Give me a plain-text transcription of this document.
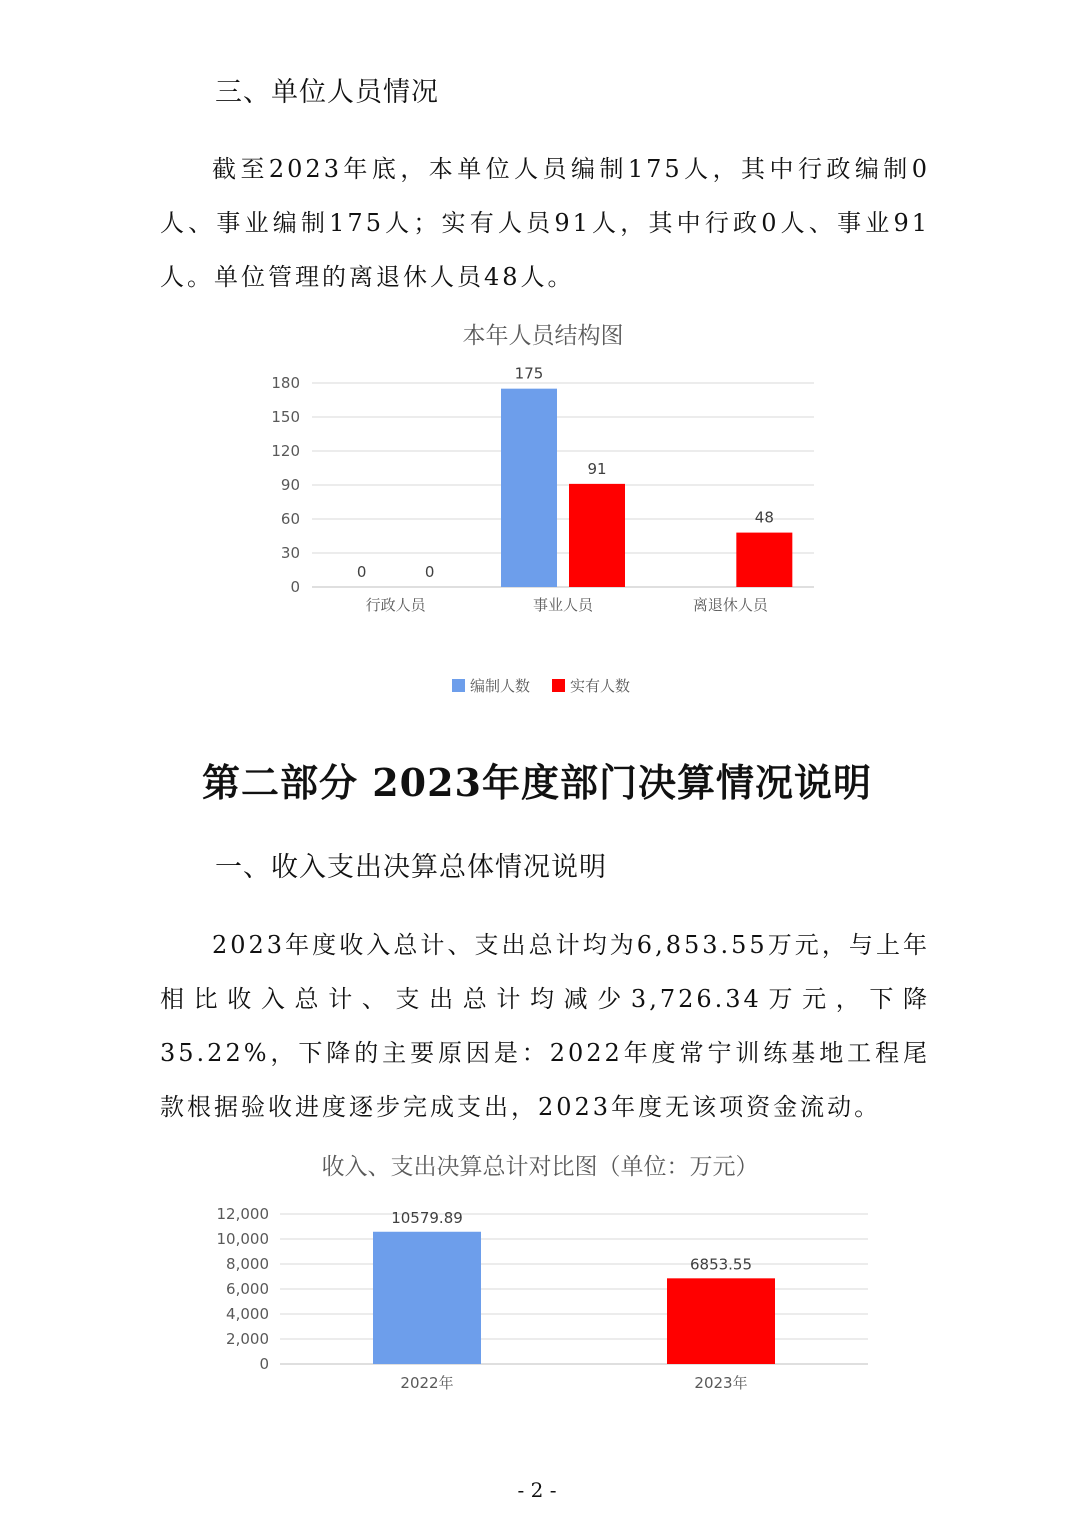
三、单位人员情况

截至2023年底，本单位人员编制175人，其中行政编制0人、事业编制175人；实有人员91人，其中行政0人、事业91人。单位管理的离退休人员48人。

本年人员结构图
0
30
60
90
120
150
180
0	0
175
91
48
行政人员	事业人员	离退休人员
编制人数	实有人数
第二部分 2023年度部门决算情况说明
一、收入支出决算总体情况说明

2023年度收入总计、支出总计均为6,853.55万元，与上年相比收入总计、支出总计均减少3,726.34万元，下降35.22%，下降的主要原因是：2022年度常宁训练基地工程尾款根据验收进度逐步完成支出，2023年度无该项资金流动。

收入、支出决算总计对比图（单位：万元）
0
2,000
4,000
6,000
8,000
10,000
12,000	10579.89
6853.55
2022年	2023年
- 2 -
